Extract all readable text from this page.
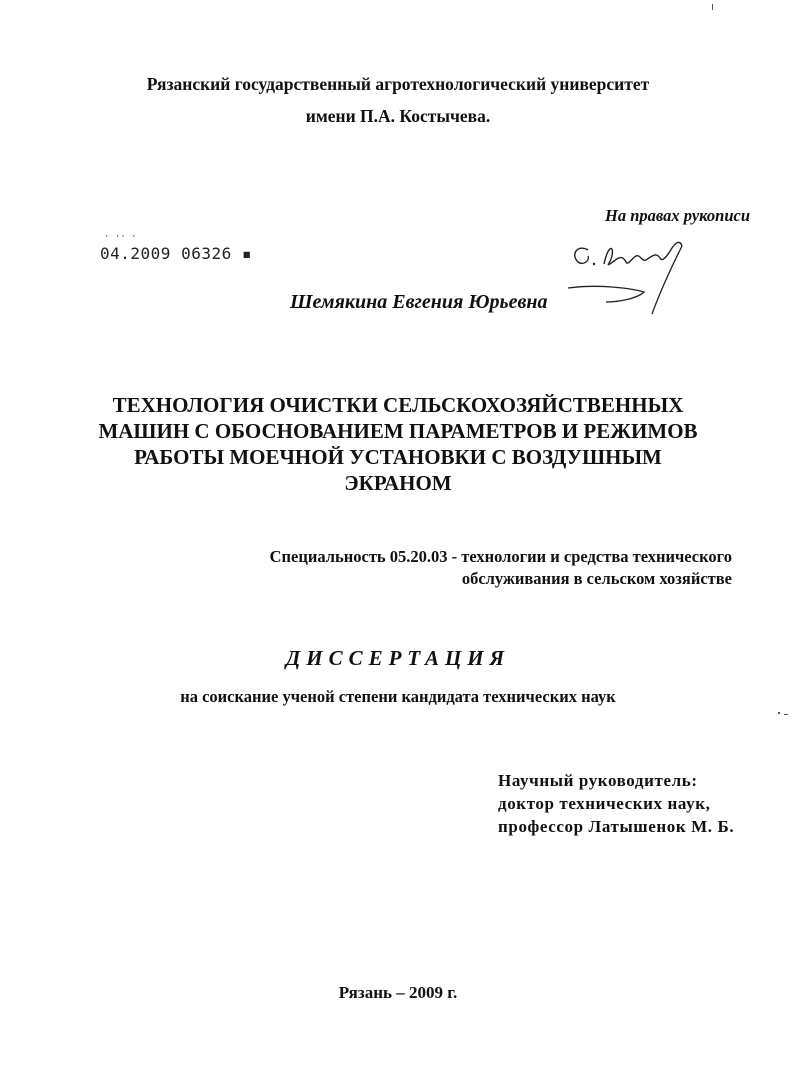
Рязанский государственный агротехнологический университет
имени П.А. Костычева.
На правах рукописи
· ·· ·
04.2009 06326 ▪
Шемякина Евгения Юрьевна
ТЕХНОЛОГИЯ ОЧИСТКИ СЕЛЬСКОХОЗЯЙСТВЕННЫХ
МАШИН С ОБОСНОВАНИЕМ ПАРАМЕТРОВ И РЕЖИМОВ
РАБОТЫ МОЕЧНОЙ УСТАНОВКИ С ВОЗДУШНЫМ
ЭКРАНОМ
Специальность 05.20.03 - технологии и средства технического
обслуживания в сельском хозяйстве
ДИССЕРТАЦИЯ
на соискание ученой степени кандидата технических наук
Научный руководитель:
доктор технических наук,
профессор Латышенок М. Б.
Рязань – 2009 г.
